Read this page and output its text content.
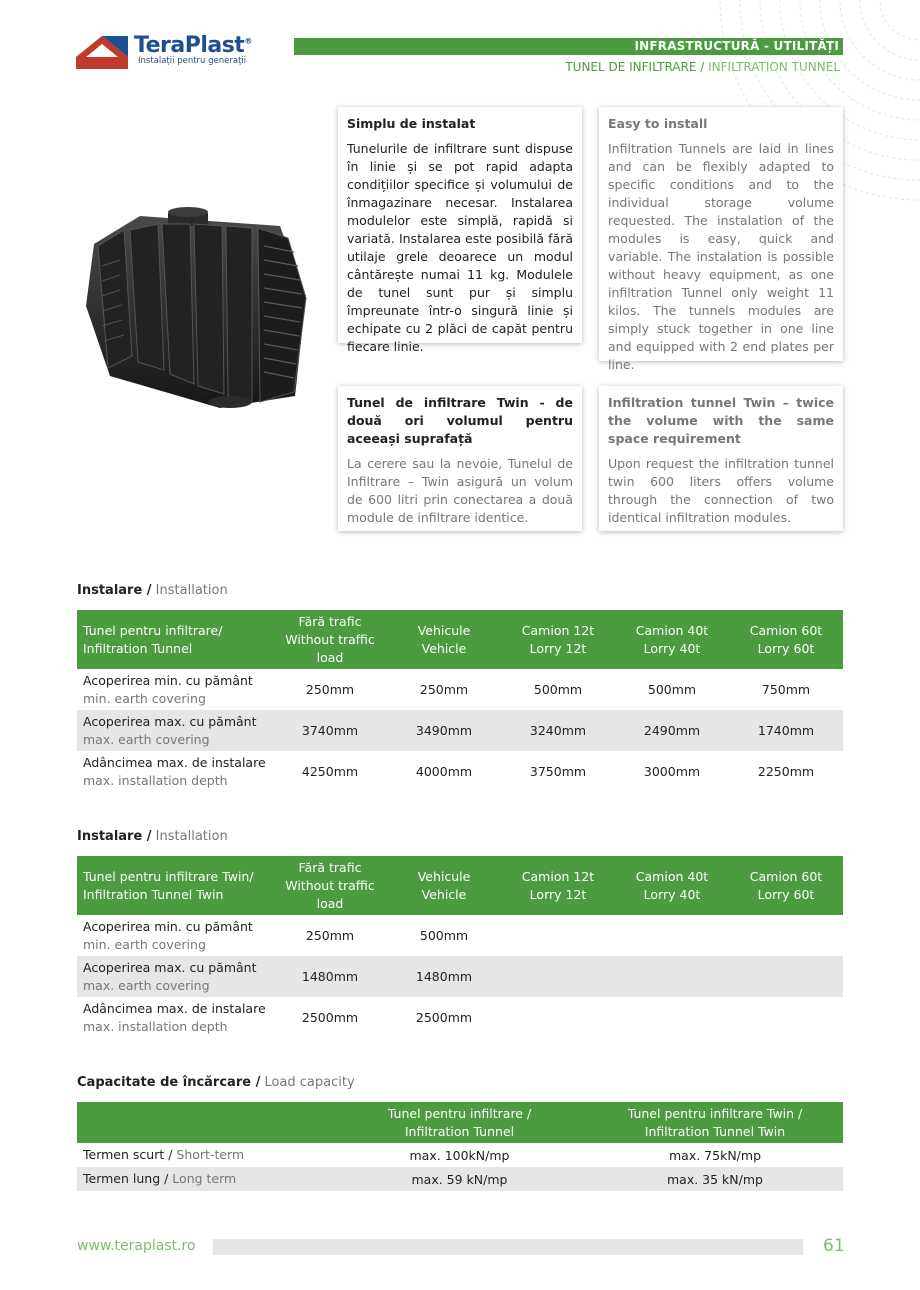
since 1896
TeraPlast®
Instalații pentru generații
INFRASTRUCTURĂ - UTILITĂȚI
TUNEL DE INFILTRARE / INFILTRATION TUNNEL
Simplu de instalat

Tunelurile de infiltrare sunt dispuse în linie și se pot rapid adapta condițiilor specifice și volumului de înmagazinare necesar. Instalarea modulelor este simplă, rapidă si variată. Instalarea este posibilă fără utilaje grele deoarece un modul cântărește numai 11 kg. Modulele de tunel sunt pur și simplu împreunate într-o singură linie și echipate cu 2 plăci de capăt pentru fiecare linie.

Easy to install

Infiltration Tunnels are laid in lines and can be flexibly adapted to specific conditions and to the individual storage volume requested. The instalation of the modules is easy, quick and variable. The instalation is possible without heavy equipment, as one infiltration Tunnel only weight 11 kilos. The tunnels modules are simply stuck together in one line and equipped with 2 end plates per line.

Tunel de infiltrare Twin - de două ori volumul pentru aceeași suprafață

La cerere sau la nevoie, Tunelul de Infiltrare – Twin asigură un volum de 600 litri prin conectarea a două module de infiltrare identice.

Infiltration tunnel Twin – twice the volume with the same space requirement

Upon request the infiltration tunnel twin 600 liters offers volume through the connection of two identical infiltration modules.

Instalare / Installation
Tunel pentru infiltrare/
Infiltration Tunnel	Fără trafic
Without traffic
load	Vehicule
Vehicle	Camion 12t
Lorry 12t	Camion 40t
Lorry 40t	Camion 60t
Lorry 60t
Acoperirea min. cu pământ
min. earth covering	250mm	250mm	500mm	500mm	750mm
Acoperirea max. cu pământ
max. earth covering	3740mm	3490mm	3240mm	2490mm	1740mm
Adâncimea max. de instalare
max. installation depth	4250mm	4000mm	3750mm	3000mm	2250mm
Instalare / Installation
Tunel pentru infiltrare Twin/
Infiltration Tunnel Twin	Fără trafic
Without traffic
load	Vehicule
Vehicle	Camion 12t
Lorry 12t	Camion 40t
Lorry 40t	Camion 60t
Lorry 60t
Acoperirea min. cu pământ
min. earth covering	250mm	500mm			
Acoperirea max. cu pământ
max. earth covering	1480mm	1480mm			
Adâncimea max. de instalare
max. installation depth	2500mm	2500mm			
Capacitate de încărcare / Load capacity
	Tunel pentru infiltrare /
Infiltration Tunnel	Tunel pentru infiltrare Twin /
Infiltration Tunnel Twin
Termen scurt / Short-term	max. 100kN/mp	max. 75kN/mp
Termen lung / Long term	max. 59 kN/mp	max. 35 kN/mp
www.teraplast.ro	61
